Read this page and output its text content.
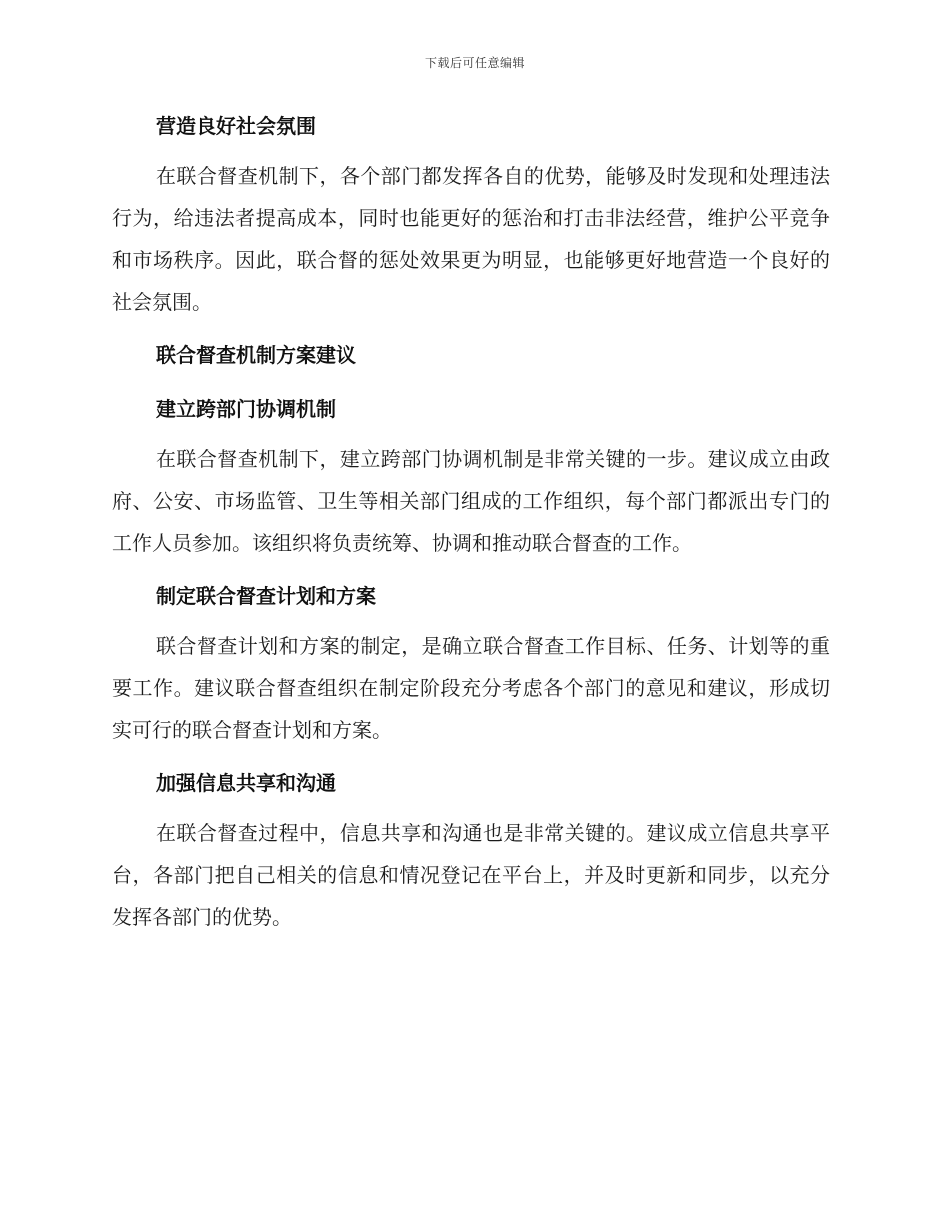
下载后可任意编辑
营造良好社会氛围

在联合督查机制下，各个部门都发挥各自的优势，能够及时发现和处理违法行为，给违法者提高成本，同时也能更好的惩治和打击非法经营，维护公平竞争和市场秩序。因此，联合督的惩处效果更为明显，也能够更好地营造一个良好的社会氛围。

联合督查机制方案建议
建立跨部门协调机制

在联合督查机制下，建立跨部门协调机制是非常关键的一步。建议成立由政府、公安、市场监管、卫生等相关部门组成的工作组织，每个部门都派出专门的工作人员参加。该组织将负责统筹、协调和推动联合督查的工作。

制定联合督查计划和方案

联合督查计划和方案的制定，是确立联合督查工作目标、任务、计划等的重要工作。建议联合督查组织在制定阶段充分考虑各个部门的意见和建议，形成切实可行的联合督查计划和方案。

加强信息共享和沟通

在联合督查过程中，信息共享和沟通也是非常关键的。建议成立信息共享平台，各部门把自己相关的信息和情况登记在平台上，并及时更新和同步，以充分发挥各部门的优势。
